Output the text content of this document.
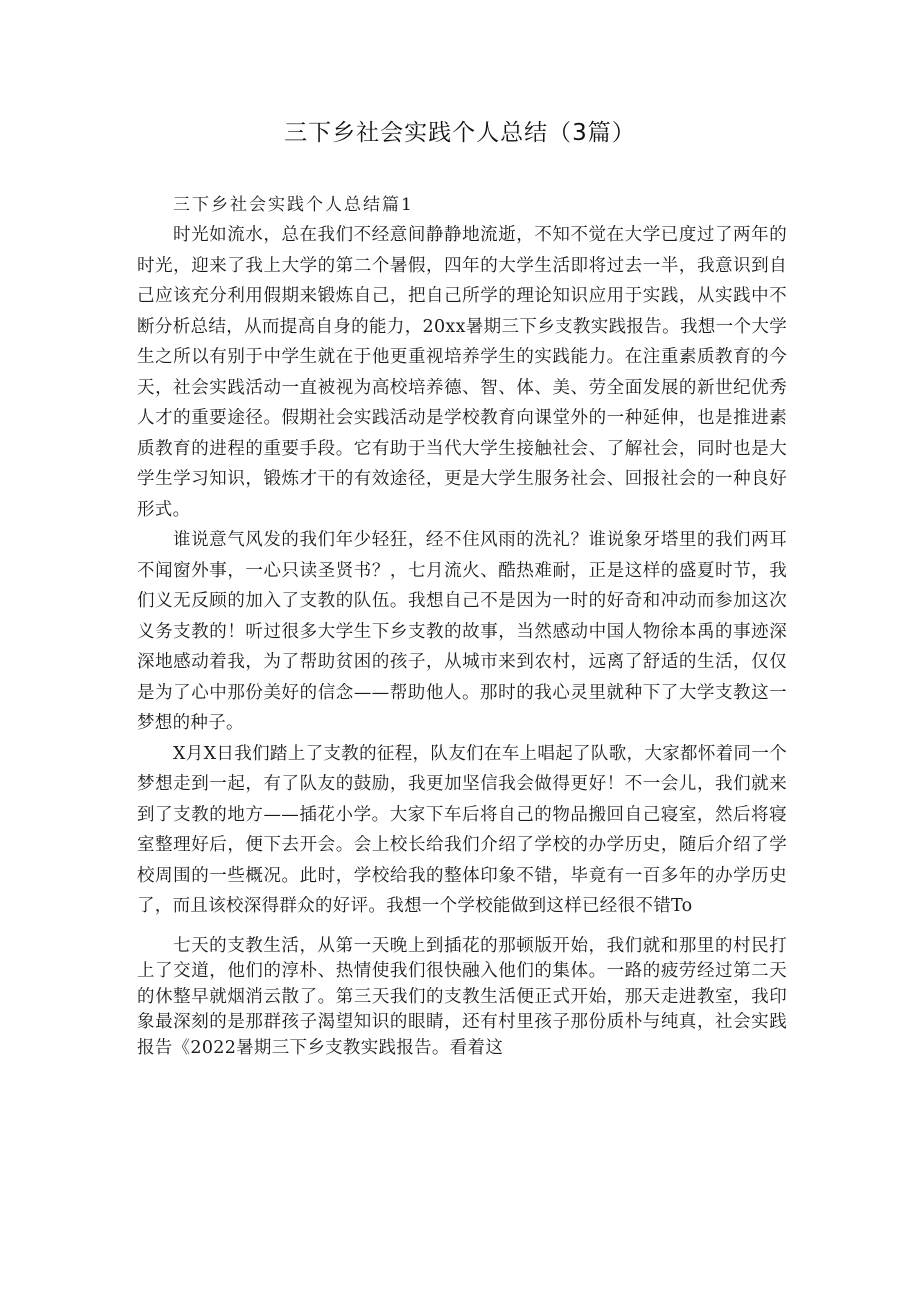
三下乡社会实践个人总结（3篇）
三下乡社会实践个人总结篇1

时光如流水，总在我们不经意间静静地流逝，不知不觉在大学已度过了两年的时光，迎来了我上大学的第二个暑假，四年的大学生活即将过去一半，我意识到自己应该充分利用假期来锻炼自己，把自己所学的理论知识应用于实践，从实践中不断分析总结，从而提高自身的能力，20xx暑期三下乡支教实践报告。我想一个大学生之所以有别于中学生就在于他更重视培养学生的实践能力。在注重素质教育的今天，社会实践活动一直被视为高校培养德、智、体、美、劳全面发展的新世纪优秀人才的重要途径。假期社会实践活动是学校教育向课堂外的一种延伸，也是推进素质教育的进程的重要手段。它有助于当代大学生接触社会、了解社会，同时也是大学生学习知识，锻炼才干的有效途径，更是大学生服务社会、回报社会的一种良好形式。

谁说意气风发的我们年少轻狂，经不住风雨的洗礼？谁说象牙塔里的我们两耳不闻窗外事，一心只读圣贤书？，七月流火、酷热难耐，正是这样的盛夏时节，我们义无反顾的加入了支教的队伍。我想自己不是因为一时的好奇和冲动而参加这次义务支教的！听过很多大学生下乡支教的故事，当然感动中国人物徐本禹的事迹深深地感动着我，为了帮助贫困的孩子，从城市来到农村，远离了舒适的生活，仅仅是为了心中那份美好的信念——帮助他人。那时的我心灵里就种下了大学支教这一梦想的种子。

X月X日我们踏上了支教的征程，队友们在车上唱起了队歌，大家都怀着同一个梦想走到一起，有了队友的鼓励，我更加坚信我会做得更好！不一会儿，我们就来到了支教的地方——插花小学。大家下车后将自己的物品搬回自己寝室，然后将寝室整理好后，便下去开会。会上校长给我们介绍了学校的办学历史，随后介绍了学校周围的一些概况。此时，学校给我的整体印象不错，毕竟有一百多年的办学历史了，而且该校深得群众的好评。我想一个学校能做到这样已经很不错To

七天的支教生活，从第一天晚上到插花的那顿版开始，我们就和那里的村民打上了交道，他们的淳朴、热情使我们很快融入他们的集体。一路的疲劳经过第二天的休整早就烟消云散了。第三天我们的支教生活便正式开始，那天走进教室，我印象最深刻的是那群孩子渴望知识的眼睛，还有村里孩子那份质朴与纯真，社会实践报告《2022暑期三下乡支教实践报告。看着这
